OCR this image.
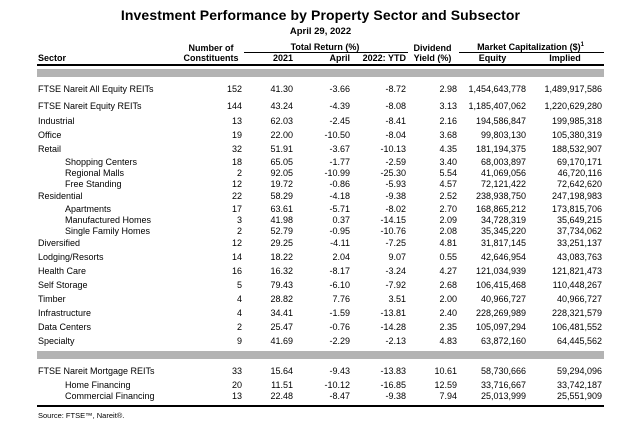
Investment Performance by Property Sector and Subsector
April 29, 2022
	Number of	Total Return (%)			Dividend	Market Capitalization ($)$^1$
Sector	Constituents	2021	April	2022: YTD	Yield (%)	Equity	Implied

FTSE Nareit All Equity REITs	152	41.30	-3.66	-8.72	2.98	1,454,643,778	1,489,917,586
FTSE Nareit Equity REITs	144	43.24	-4.39	-8.08	3.13	1,185,407,062	1,220,629,280
Industrial	13	62.03	-2.45	-8.41	2.16	194,586,847	199,985,318
Office	19	22.00	-10.50	-8.04	3.68	99,803,130	105,380,319
Retail	32	51.91	-3.67	-10.13	4.35	181,194,375	188,532,907
Shopping Centers	18	65.05	-1.77	-2.59	3.40	68,003,897	69,170,171
Regional Malls	2	92.05	-10.99	-25.30	5.54	41,069,056	46,720,116
Free Standing	12	19.72	-0.86	-5.93	4.57	72,121,422	72,642,620
Residential	22	58.29	-4.18	-9.38	2.52	238,938,750	247,198,983
Apartments	17	63.61	-5.71	-8.02	2.70	168,865,212	173,815,706
Manufactured Homes	3	41.98	0.37	-14.15	2.09	34,728,319	35,649,215
Single Family Homes	2	52.79	-0.95	-10.76	2.08	35,345,220	37,734,062
Diversified	12	29.25	-4.11	-7.25	4.81	31,817,145	33,251,137
Lodging/Resorts	14	18.22	2.04	9.07	0.55	42,646,954	43,083,763
Health Care	16	16.32	-8.17	-3.24	4.27	121,034,939	121,821,473
Self Storage	5	79.43	-6.10	-7.92	2.68	106,415,468	110,448,267
Timber	4	28.82	7.76	3.51	2.00	40,966,727	40,966,727
Infrastructure	4	34.41	-1.59	-13.81	2.40	228,269,989	228,321,579
Data Centers	2	25.47	-0.76	-14.28	2.35	105,097,294	106,481,552
Specialty	9	41.69	-2.29	-2.13	4.83	63,872,160	64,445,562

FTSE Nareit Mortgage REITs	33	15.64	-9.43	-13.83	10.61	58,730,666	59,294,096
Home Financing	20	11.51	-10.12	-16.85	12.59	33,716,667	33,742,187
Commercial Financing	13	22.48	-8.47	-9.38	7.94	25,013,999	25,551,909
Source: FTSE™, Nareit®.
